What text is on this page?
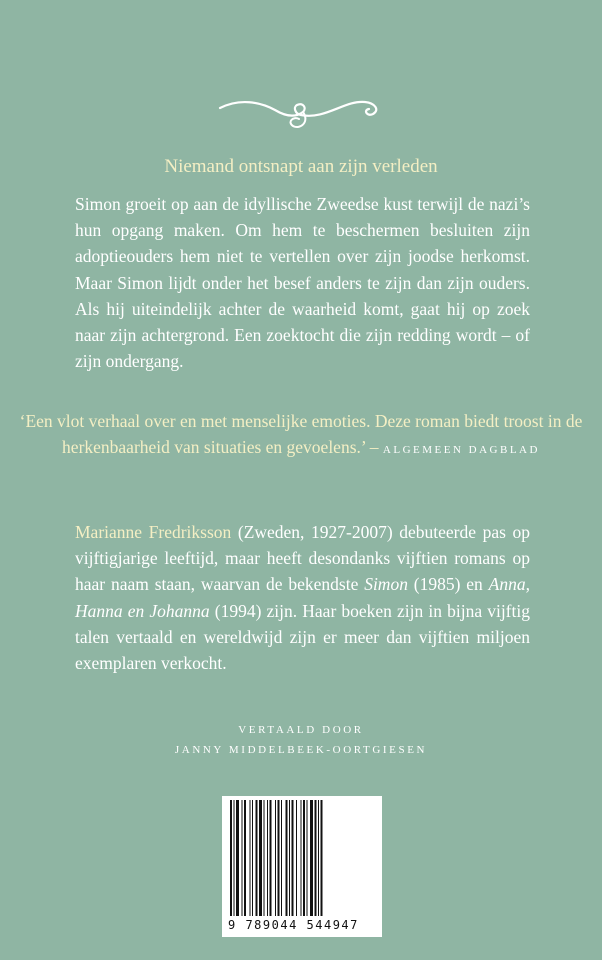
Niemand ontsnapt aan zijn verleden
Simon groeit op aan de idyllische Zweedse kust terwijl de nazi’s hun opgang maken. Om hem te beschermen besluiten zijn adoptieouders hem niet te vertellen over zijn joodse herkomst. Maar Simon lijdt onder het besef anders te zijn dan zijn ouders. Als hij uiteindelijk achter de waarheid komt, gaat hij op zoek naar zijn achtergrond. Een zoektocht die zijn redding wordt – of zijn ondergang.
‘Een vlot verhaal over en met menselijke emoties. Deze roman biedt troost in de herkenbaarheid van situaties en gevoelens.’ – ALGEMEEN DAGBLAD
Marianne Fredriksson (Zweden, 1927-2007) debuteerde pas op vijftigjarige leeftijd, maar heeft desondanks vijftien romans op haar naam staan, waarvan de bekendste Simon (1985) en Anna, Hanna en Johanna (1994) zijn. Haar boeken zijn in bijna vijftig talen vertaald en wereldwijd zijn er meer dan vijftien miljoen exemplaren verkocht.
VERTAALD DOOR
JANNY MIDDELBEEK-OORTGIESEN
9 789044 544947
